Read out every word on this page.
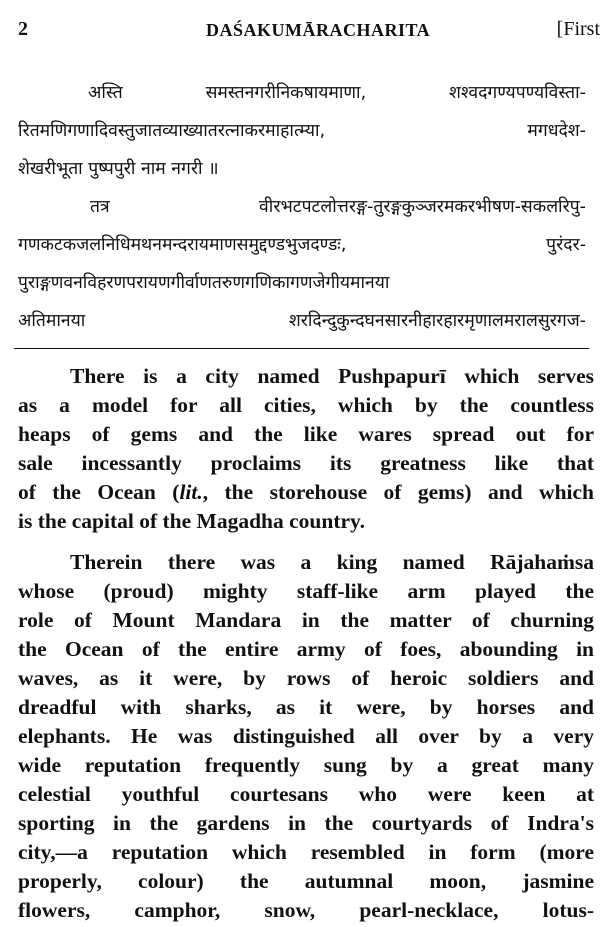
2	DAŚAKUMĀRACHARITA	[First
अस्ति समस्तनगरीनिकषायमाणा, शश्वदगण्यपण्यविस्ता-
रितमणिगणादिवस्तुजातव्याख्यातरत्नाकरमाहात्म्या, मगधदेश-
शेखरीभूता पुष्पपुरी नाम नगरी ॥
तत्र वीरभटपटलोत्तरङ्ग-तुरङ्गकुञ्जरमकरभीषण-सकलरिपु-
गणकटकजलनिधिमथनमन्दरायमाणसमुद्दण्डभुजदण्डः, पुरंदर-
पुराङ्गणवनविहरणपरायणगीर्वाणतरुणगणिकागणजेगीयमानया
अतिमानया शरदिन्दुकुन्दघनसारनीहारहारमृणालमरालसुरगज-
There is a city named Pushpapurī which serves
as a model for all cities, which by the countless
heaps of gems and the like wares spread out for
sale incessantly proclaims its greatness like that
of the Ocean (lit., the storehouse of gems) and which
is the capital of the Magadha country.
Therein there was a king named Rājahaṁsa
whose (proud) mighty staff-like arm played the
role of Mount Mandara in the matter of churning
the Ocean of the entire army of foes, abounding in
waves, as it were, by rows of heroic soldiers and
dreadful with sharks, as it were, by horses and
elephants. He was distinguished all over by a very
wide reputation frequently sung by a great many
celestial youthful courtesans who were keen at
sporting in the gardens in the courtyards of Indra's
city,—a reputation which resembled in form (more
properly, colour) the autumnal moon, jasmine
flowers, camphor, snow, pearl-necklace, lotus-
